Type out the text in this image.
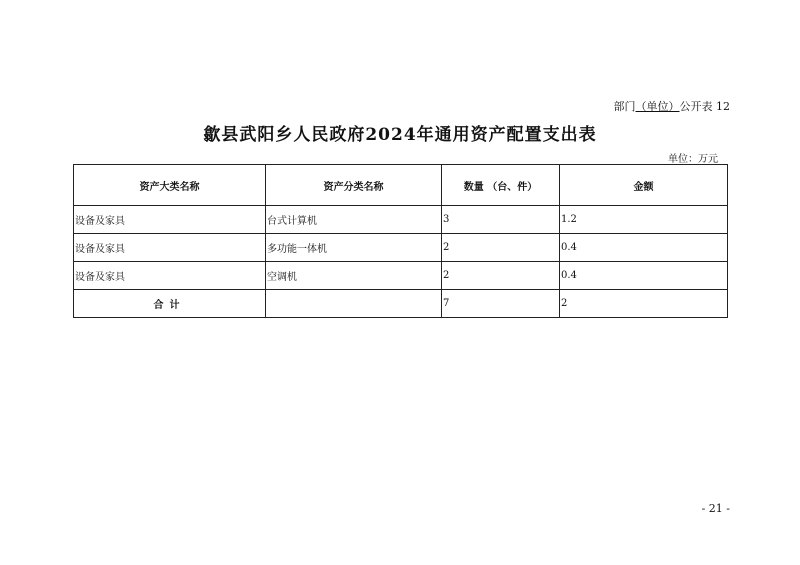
部门（单位）公开表 12
歙县武阳乡人民政府2024年通用资产配置支出表
单位：万元
资产大类名称	资产分类名称	数量 （台、件）	金额
设备及家具	台式计算机	3	1.2
设备及家具	多功能一体机	2	0.4
设备及家具	空调机	2	0.4
合计		7	2
- 21 -
